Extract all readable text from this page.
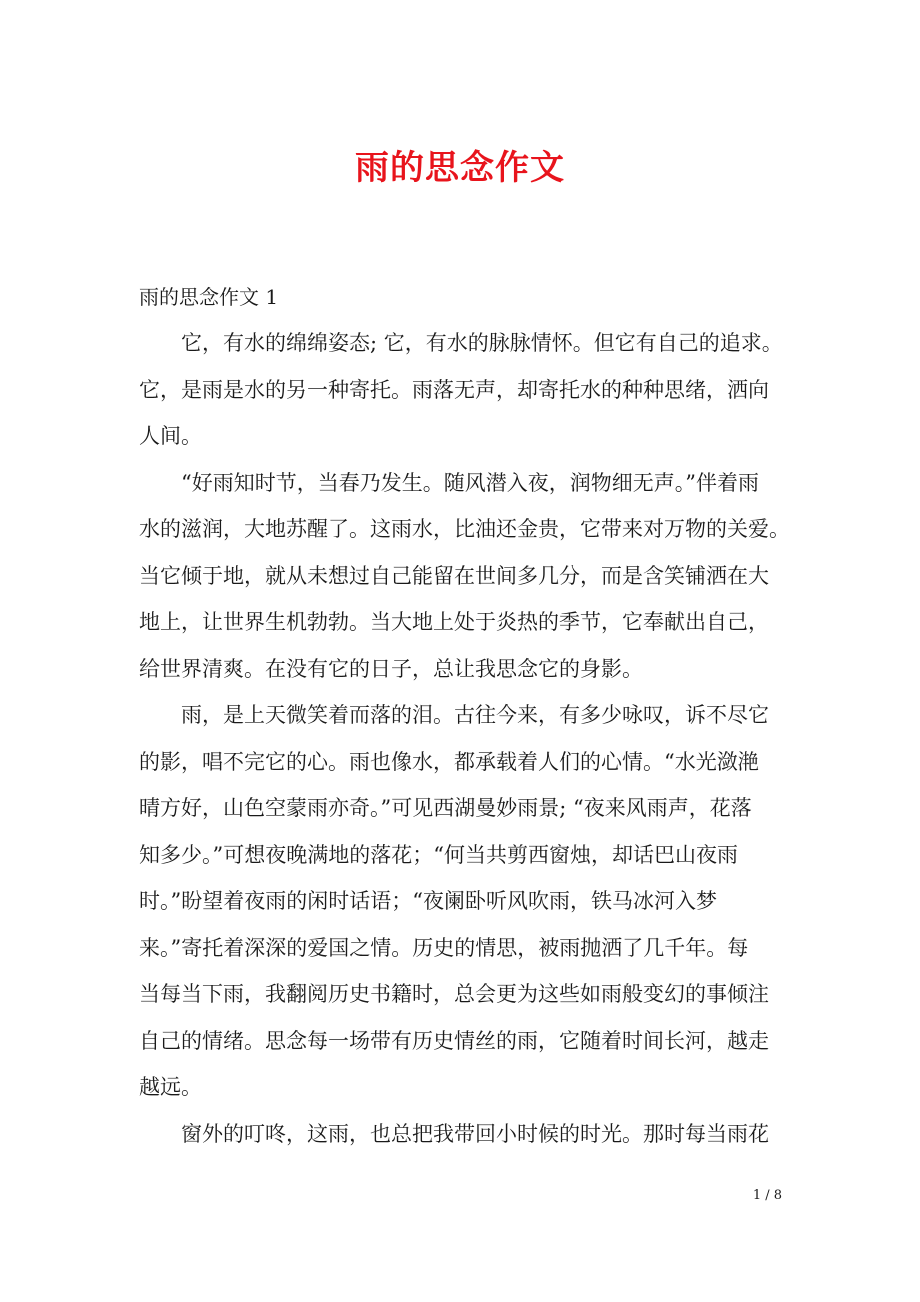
雨的思念作文

雨的思念作文 1

它，有水的绵绵姿态; 它，有水的脉脉情怀。但它有自己的追求。
它，是雨是水的另一种寄托。雨落无声，却寄托水的种种思绪，洒向
人间。
“好雨知时节，当春乃发生。随风潜入夜，润物细无声。”伴着雨
水的滋润，大地苏醒了。这雨水，比油还金贵，它带来对万物的关爱。
当它倾于地，就从未想过自己能留在世间多几分，而是含笑铺洒在大
地上，让世界生机勃勃。当大地上处于炎热的季节，它奉献出自己，
给世界清爽。在没有它的日子，总让我思念它的身影。
雨，是上天微笑着而落的泪。古往今来，有多少咏叹，诉不尽它
的影，唱不完它的心。雨也像水，都承载着人们的心情。“水光潋滟
晴方好，山色空蒙雨亦奇。”可见西湖曼妙雨景; “夜来风雨声，花落
知多少。”可想夜晚满地的落花；“何当共剪西窗烛，却话巴山夜雨
时。”盼望着夜雨的闲时话语；“夜阑卧听风吹雨，铁马冰河入梦
来。”寄托着深深的爱国之情。历史的情思，被雨抛洒了几千年。每
当每当下雨，我翻阅历史书籍时，总会更为这些如雨般变幻的事倾注
自己的情绪。思念每一场带有历史情丝的雨，它随着时间长河，越走
越远。
窗外的叮咚，这雨，也总把我带回小时候的时光。那时每当雨花
1 / 8
